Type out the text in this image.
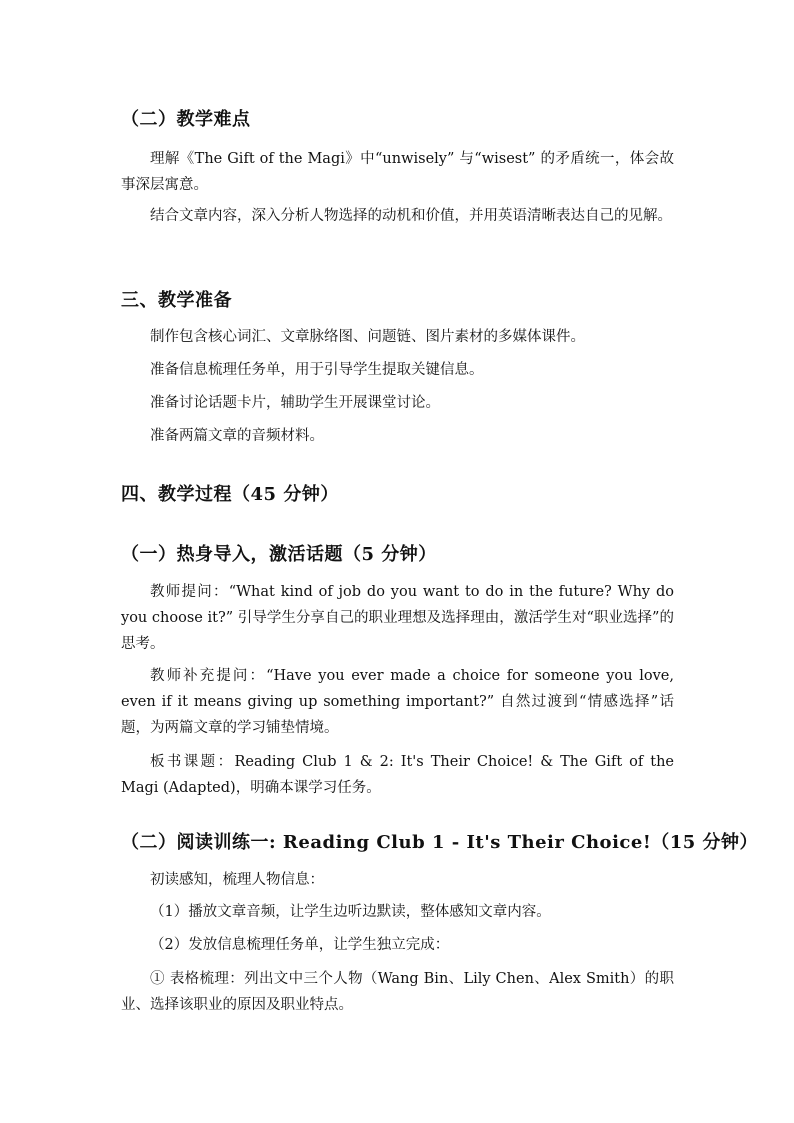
（二）教学难点
理解《The Gift of the Magi》中“unwisely” 与“wisest” 的矛盾统一，体会故事深层寓意。
结合文章内容，深入分析人物选择的动机和价值，并用英语清晰表达自己的见解。
三、教学准备
制作包含核心词汇、文章脉络图、问题链、图片素材的多媒体课件。
准备信息梳理任务单，用于引导学生提取关键信息。
准备讨论话题卡片，辅助学生开展课堂讨论。
准备两篇文章的音频材料。
四、教学过程（45 分钟）
（一）热身导入，激活话题（5 分钟）
教师提问：“What kind of job do you want to do in the future? Why do you choose it?” 引导学生分享自己的职业理想及选择理由，激活学生对“职业选择”的思考。
教师补充提问：“Have you ever made a choice for someone you love, even if it means giving up something important?” 自然过渡到“情感选择”话题，为两篇文章的学习铺垫情境。
板书课题：Reading Club 1 & 2: It's Their Choice! & The Gift of the Magi (Adapted)，明确本课学习任务。
（二）阅读训练一: Reading Club 1 - It's Their Choice!（15 分钟）
初读感知，梳理人物信息：
（1）播放文章音频，让学生边听边默读，整体感知文章内容。
（2）发放信息梳理任务单，让学生独立完成：
① 表格梳理：列出文中三个人物（Wang Bin、Lily Chen、Alex Smith）的职业、选择该职业的原因及职业特点。
